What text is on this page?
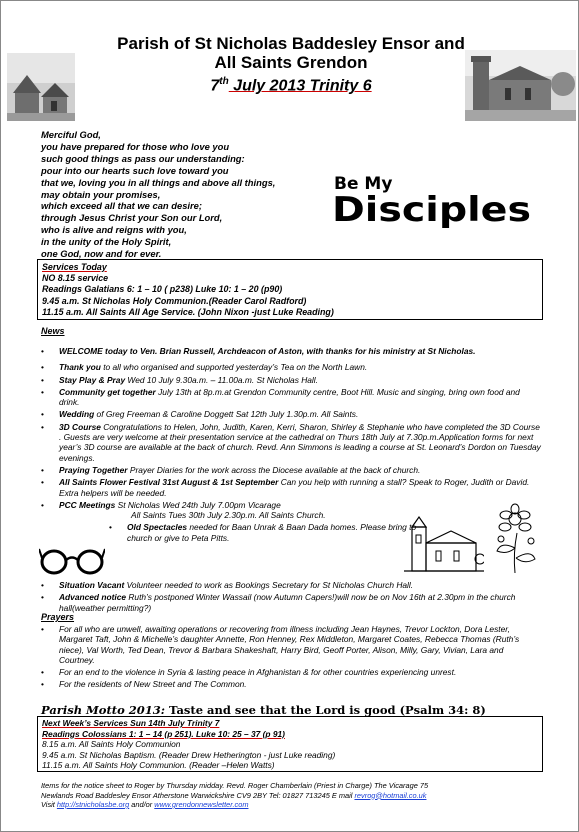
Parish of St Nicholas Baddesley Ensor and
All Saints Grendon
7th July 2013 Trinity 6
Merciful God,
you have prepared for those who love you
such good things as pass our understanding:
pour into our hearts such love toward you
that we, loving you in all things and above all things,
may obtain your promises,
which exceed all that we can desire;
through Jesus Christ your Son our Lord,
who is alive and reigns with you,
in the unity of the Holy Spirit,
one God, now and for ever.
Be My
Disciples
Services Today
NO 8.15 service
Readings Galatians 6: 1 – 10 ( p238) Luke 10: 1 – 20 (p90)
9.45 a.m. St Nicholas Holy Communion.(Reader Carol Radford)
11.15 a.m. All Saints All Age Service. (John Nixon -just Luke Reading)
News
• WELCOME today to Ven. Brian Russell, Archdeacon of Aston, with thanks for his ministry at St Nicholas.
• Thank you to all who organised and supported yesterday’s Tea on the North Lawn.
• Stay Play & Pray Wed 10 July 9.30a.m. – 11.00a.m. St Nicholas Hall.
• Community get together July 13th at 8p.m.at Grendon Community centre, Boot Hill. Music and singing, bring own food and drink.
• Wedding of Greg Freeman & Caroline Doggett Sat 12th July 1.30p.m. All Saints.
• 3D Course Congratulations to Helen, John, Judith, Karen, Kerri, Sharon, Shirley & Stephanie who have completed the 3D Course . Guests are very welcome at their presentation service at the cathedral on Thurs 18th July at 7.30p.m.Application forms for next year’s 3D course are available at the back of church. Revd. Ann Simmons is leading a course at St. Leonard’s Dordon on Tuesday evenings.
• Praying Together Prayer Diaries for the work across the Diocese available at the back of church.
• All Saints Flower Festival 31st August & 1st September Can you help with running a stall? Speak to Roger, Judith or David. Extra helpers will be needed.
• PCC Meetings St Nicholas Wed 24th July 7.00pm Vicarage
All Saints Tues 30th July 2.30p.m. All Saints Church.
• Old Spectacles needed for Baan Unrak & Baan Dada homes. Please bring to church or give to Peta Pitts.
• Situation Vacant Volunteer needed to work as Bookings Secretary for St Nicholas Church Hall.
• Advanced notice Ruth’s postponed Winter Wassail (now Autumn Capers!)will now be on Nov 16th at 2.30pm in the church hall(weather permitting?)
Prayers
• For all who are unwell, awaiting operations or recovering from illness including Jean Haynes, Trevor Lockton, Dora Lester, Margaret Taft, John & Michelle’s daughter Annette, Ron Henney, Rex Middleton, Margaret Coates, Rebecca Thomas (Ruth’s niece), Val Worth, Ted Dean, Trevor & Barbara Shakeshaft, Harry Bird, Geoff Porter, Alison, Milly, Gary, Vivian, Lara and Courtney.
• For an end to the violence in Syria & lasting peace in Afghanistan & for other countries experiencing unrest.
• For the residents of New Street and The Common.
Parish Motto 2013: Taste and see that the Lord is good (Psalm 34: 8)
Next Week’s Services Sun 14th July Trinity 7
Readings Colossians 1: 1 – 14 (p 251). Luke 10: 25 – 37 (p 91)
8.15 a.m. All Saints Holy Communion
9.45 a.m. St Nicholas Baptism. (Reader Drew Hetherington - just Luke reading)
11.15 a.m. All Saints Holy Communion. (Reader –Helen Watts)
Items for the notice sheet to Roger by Thursday midday. Revd. Roger Chamberlain (Priest in Charge) The Vicarage 75
Newlands Road Baddesley Ensor Atherstone Warwickshire CV9 2BY Tel: 01827 713245 E mail revrog@hotmail.co.uk
Visit http://stnicholasbe.org and/or www.grendonnewsletter.com
